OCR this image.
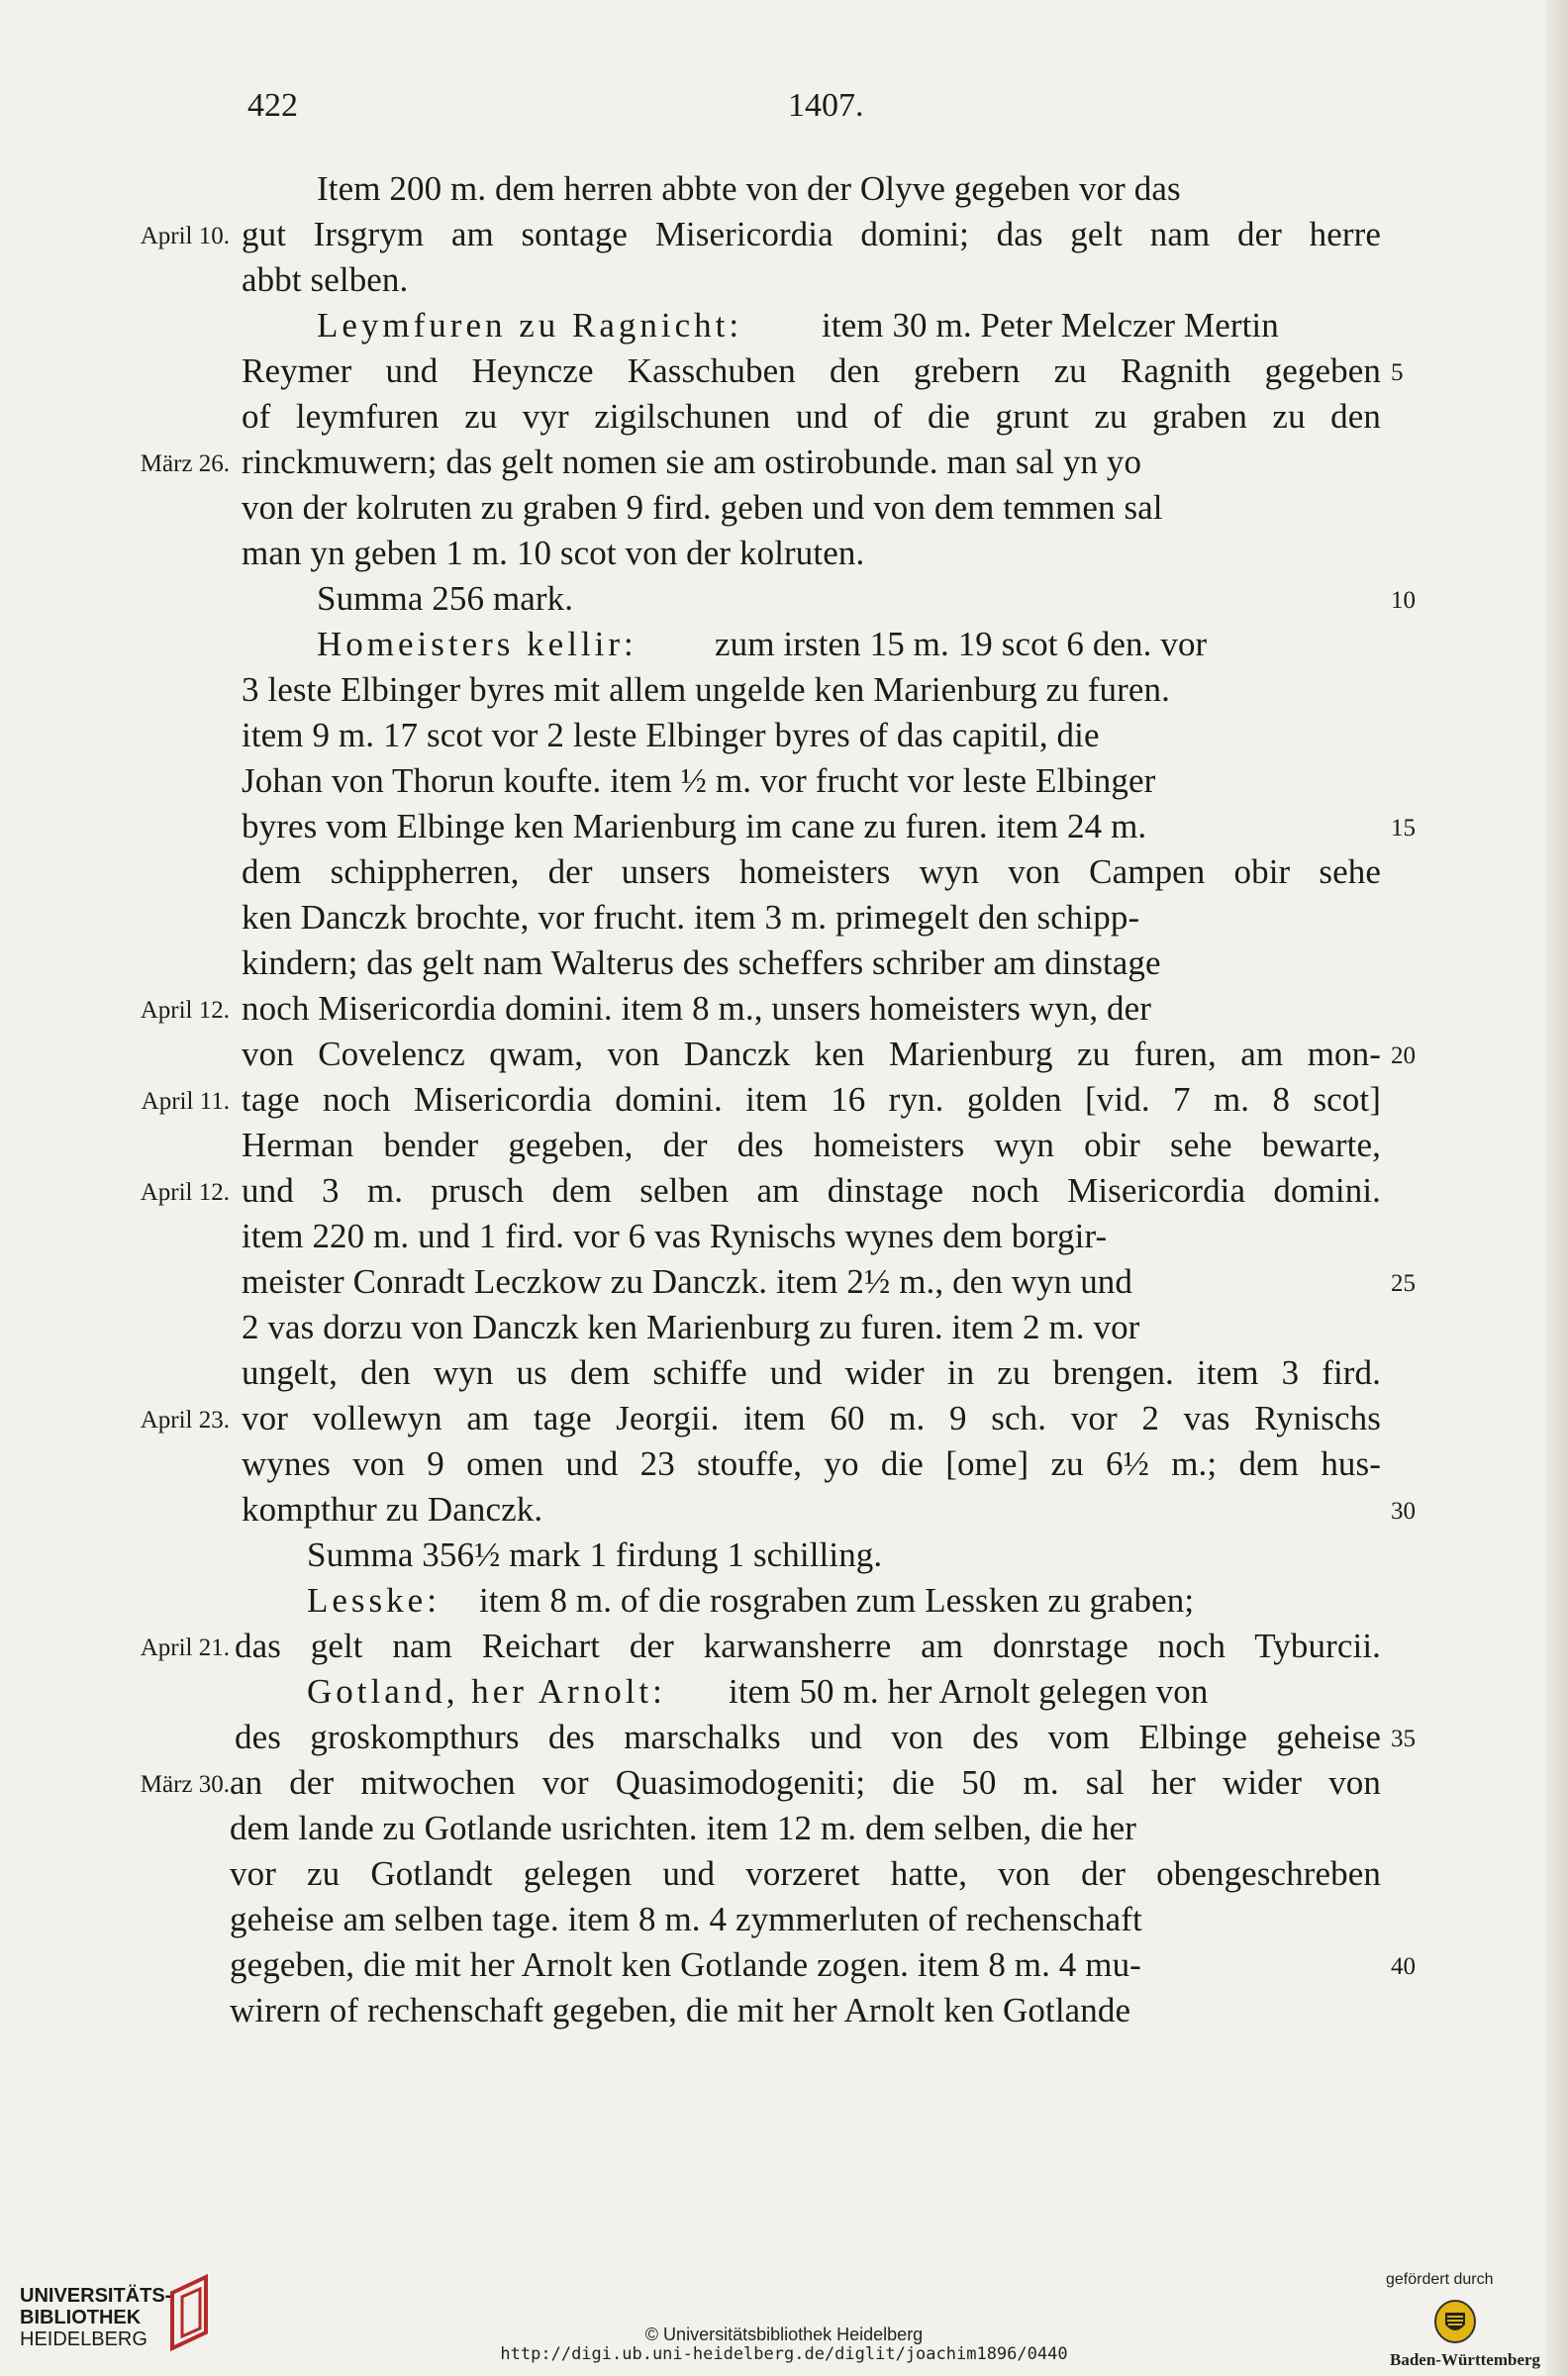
422	1407.
Item 200 m. dem herren abbte von der Olyve gegeben vor das
April 10. gut Irsgrym am sontage Misericordia domini; das gelt nam der herre
abbt selben.
Leymfuren zu Ragnicht: item 30 m. Peter Melczer Mertin
5
Reymer und Heyncze Kasschuben den grebern zu Ragnith gegeben
of leymfuren zu vyr zigilschunen und of die grunt zu graben zu den
März 26. rinckmuwern; das gelt nomen sie am ostirobunde. man sal yn yo
von der kolruten zu graben 9 fird. geben und von dem temmen sal
man yn geben 1 m. 10 scot von der kolruten.
10
Summa 256 mark.
Homeisters kellir: zum irsten 15 m. 19 scot 6 den. vor
3 leste Elbinger byres mit allem ungelde ken Marienburg zu furen.
item 9 m. 17 scot vor 2 leste Elbinger byres of das capitil, die
Johan von Thorun koufte. item ½ m. vor frucht vor leste Elbinger
15
byres vom Elbinge ken Marienburg im cane zu furen. item 24 m.
dem schippherren, der unsers homeisters wyn von Campen obir sehe
ken Danczk brochte, vor frucht. item 3 m. primegelt den schipp-
kindern; das gelt nam Walterus des scheffers schriber am dinstage
April 12. noch Misericordia domini. item 8 m., unsers homeisters wyn, der
20
von Covelencz qwam, von Danczk ken Marienburg zu furen, am mon-
April 11. tage noch Misericordia domini. item 16 ryn. golden [vid. 7 m. 8 scot]
Herman bender gegeben, der des homeisters wyn obir sehe bewarte,
April 12. und 3 m. prusch dem selben am dinstage noch Misericordia domini.
item 220 m. und 1 fird. vor 6 vas Rynischs wynes dem borgir-
25
meister Conradt Leczkow zu Danczk. item 2½ m., den wyn und
2 vas dorzu von Danczk ken Marienburg zu furen. item 2 m. vor
ungelt, den wyn us dem schiffe und wider in zu brengen. item 3 fird.
April 23. vor vollewyn am tage Jeorgii. item 60 m. 9 sch. vor 2 vas Rynischs
wynes von 9 omen und 23 stouffe, yo die [ome] zu 6½ m.; dem hus-
30
kompthur zu Danczk.
Summa 356½ mark 1 firdung 1 schilling.
Lesske: item 8 m. of die rosgraben zum Lessken zu graben;
April 21. das gelt nam Reichart der karwansherre am donrstage noch Tyburcii.
Gotland, her Arnolt: item 50 m. her Arnolt gelegen von
35
des groskompthurs des marschalks und von des vom Elbinge geheise
März 30. an der mitwochen vor Quasimodogeniti; die 50 m. sal her wider von
dem lande zu Gotlande usrichten. item 12 m. dem selben, die her
vor zu Gotlandt gelegen und vorzeret hatte, von der obengeschreben
geheise am selben tage. item 8 m. 4 zymmerluten of rechenschaft
40
gegeben, die mit her Arnolt ken Gotlande zogen. item 8 m. 4 mu-
wirern of rechenschaft gegeben, die mit her Arnolt ken Gotlande
UNIVERSITÄTS-
BIBLIOTHEK
HEIDELBERG	© Universitätsbibliothek Heidelberg
http://digi.ub.uni-heidelberg.de/diglit/joachim1896/0440
gefördert durch
Baden-Württemberg
